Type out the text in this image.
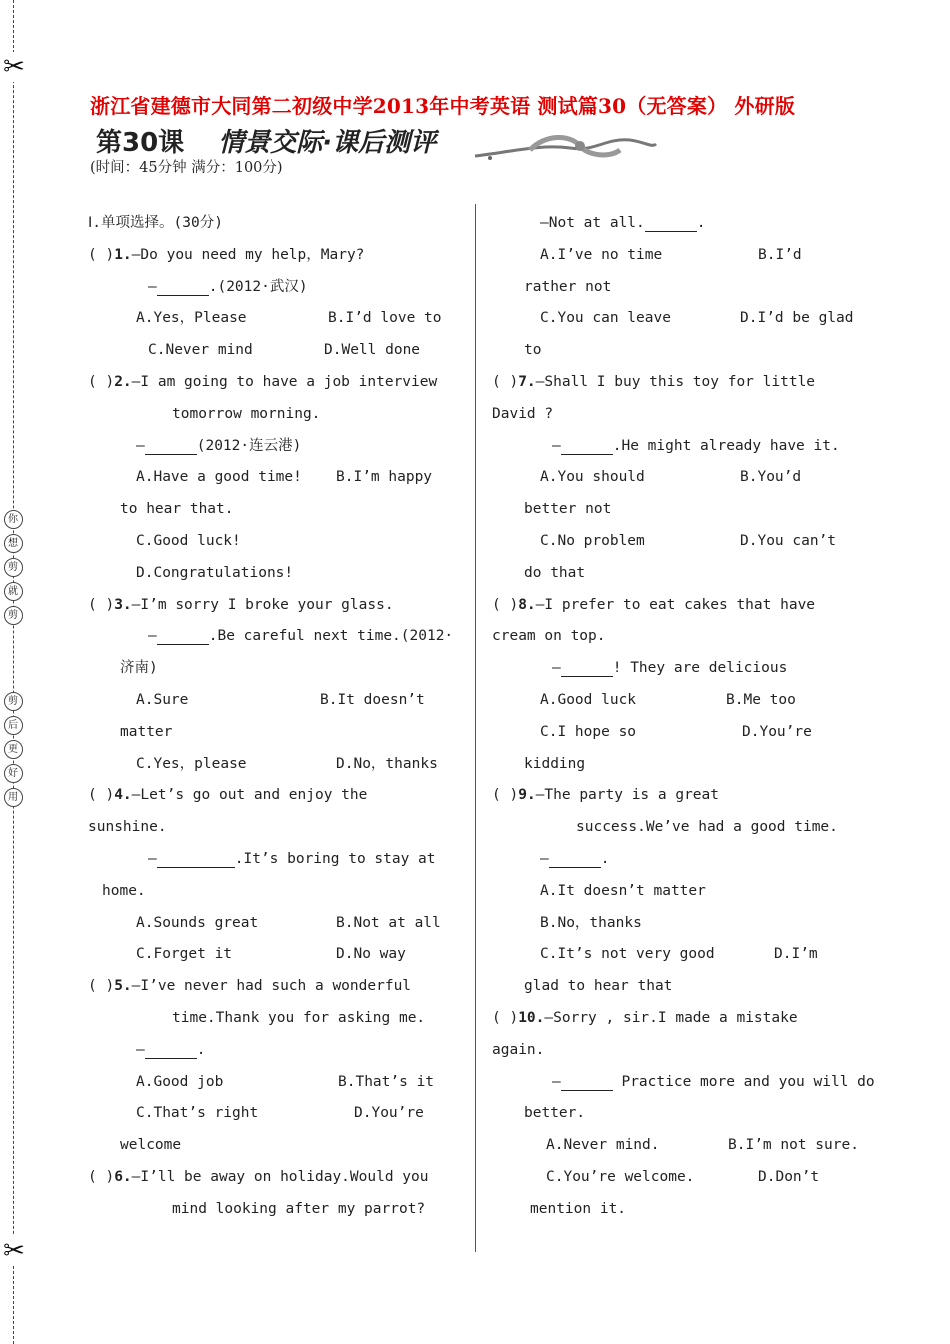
✂
✂
你
想
剪
就
剪
剪
后
更
好
用
浙江省建德市大同第二初级中学2013年中考英语 测试篇30（无答案） 外研版
第30课 情景交际·课后测评
(时间：45分钟 满分：100分)
Ⅰ.单项选择。(30分)
( )1.—Do you need my help，Mary?
—	.(2012·武汉)
A.Yes，Please	B.I’d love to
C.Never mind	D.Well done
( )2.—I am going to have a job interview
tomorrow morning.
—	(2012·连云港)
A.Have a good time!	B.I’m happy
to hear that.
C.Good luck!
D.Congratulations!
( )3.—I’m sorry I broke your glass.
—	.Be careful next time.(2012·
济南)
A.Sure	B.It doesn’t
matter
C.Yes，please	D.No，thanks
( )4.—Let’s go out and enjoy the
sunshine.
—	.It’s boring to stay at
home.
A.Sounds great	B.Not at all
C.Forget it	D.No way
( )5.—I’ve never had such a wonderful
time.Thank you for asking me.
—	.
A.Good job	B.That’s it
C.That’s right	D.You’re
welcome
( )6.—I’ll be away on holiday.Would you
mind looking after my parrot?
—Not at all.	.
A.I’ve no time	B.I’d
rather not
C.You can leave	D.I’d be glad
to
( )7.—Shall I buy this toy for little
David ?
—	.He might already have it.
A.You should	B.You’d
better not
C.No problem	D.You can’t
do that
( )8.—I prefer to eat cakes that have
cream on top.
—	! They are delicious
A.Good luck	B.Me too
C.I hope so	D.You’re
kidding
( )9.—The party is a great
success.We’ve had a good time.
—	.
A.It doesn’t matter
B.No，thanks
C.It’s not very good	D.I’m
glad to hear that
( )10.—Sorry , sir.I made a mistake
again.
—	Practice more and you will do
better.
A.Never mind.	B.I’m not sure.
C.You’re welcome.	D.Don’t
mention it.
